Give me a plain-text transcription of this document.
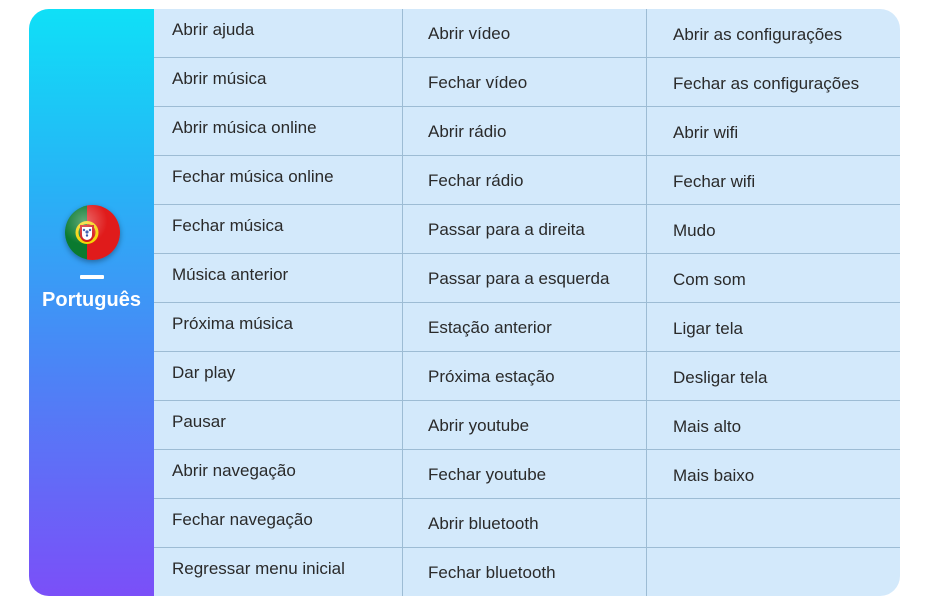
Português
Abrir ajuda
Abrir música
Abrir música online
Fechar música online
Fechar música
Música anterior
Próxima música
Dar play
Pausar
Abrir navegação
Fechar navegação
Regressar menu inicial
Abrir vídeo
Fechar vídeo
Abrir rádio
Fechar rádio
Passar para a direita
Passar para a esquerda
Estação anterior
Próxima estação
Abrir youtube
Fechar youtube
Abrir bluetooth
Fechar bluetooth
Abrir as configurações
Fechar as configurações
Abrir wifi
Fechar wifi
Mudo
Com som
Ligar tela
Desligar tela
Mais alto
Mais baixo
